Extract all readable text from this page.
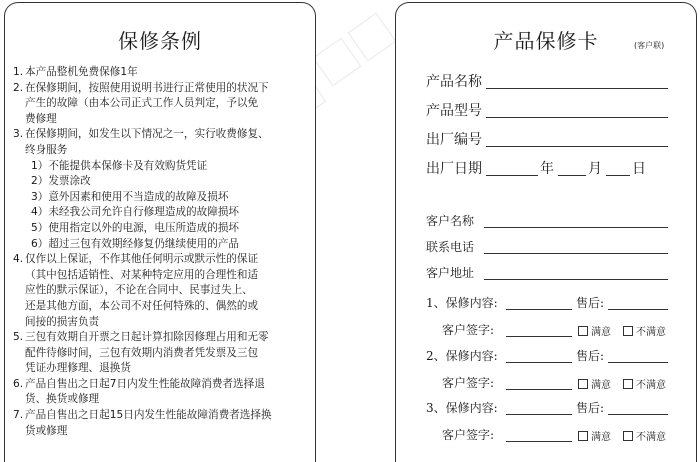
保修条例
1. 本产品整机免费保修1年
2. 在保修期间，按照使用说明书进行正常使用的状况下
产生的故障（由本公司正式工作人员判定，予以免
费修理
3. 在保修期间，如发生以下情况之一，实行收费修复、
终身服务
1）不能提供本保修卡及有效购货凭证
2）发票涂改
3）意外因素和使用不当造成的故障及损坏
4）未经我公司允许自行修理造成的故障损坏
5）使用指定以外的电源，电压所造成的损坏
6）超过三包有效期经修复仍继续使用的产品
4. 仅作以上保证，不作其他任何明示或默示性的保证
（其中包括适销性、对某种特定应用的合理性和适
应性的默示保证），不论在合同中、民事过失上、
还是其他方面，本公司不对任何特殊的、偶然的或
间接的损害负责
5. 三包有效期自开票之日起计算扣除因修理占用和无零
配件待修时间，三包有效期内消费者凭发票及三包
凭证办理修理、退换货
6. 产品自售出之日起7日内发生性能故障消费者选择退
货、换货或修理
7. 产品自售出之日起15日内发生性能故障消费者选择换
货或修理
产品保修卡	(客户联)
产品名称
产品型号
出厂编号
出厂日期	年 月 日
客户名称
联系电话
客户地址
1、保修内容:	售后:
客户签字:	满意	不满意
2、保修内容:	售后:
客户签字:	满意	不满意
3、保修内容:	售后:
客户签字:	满意	不满意
